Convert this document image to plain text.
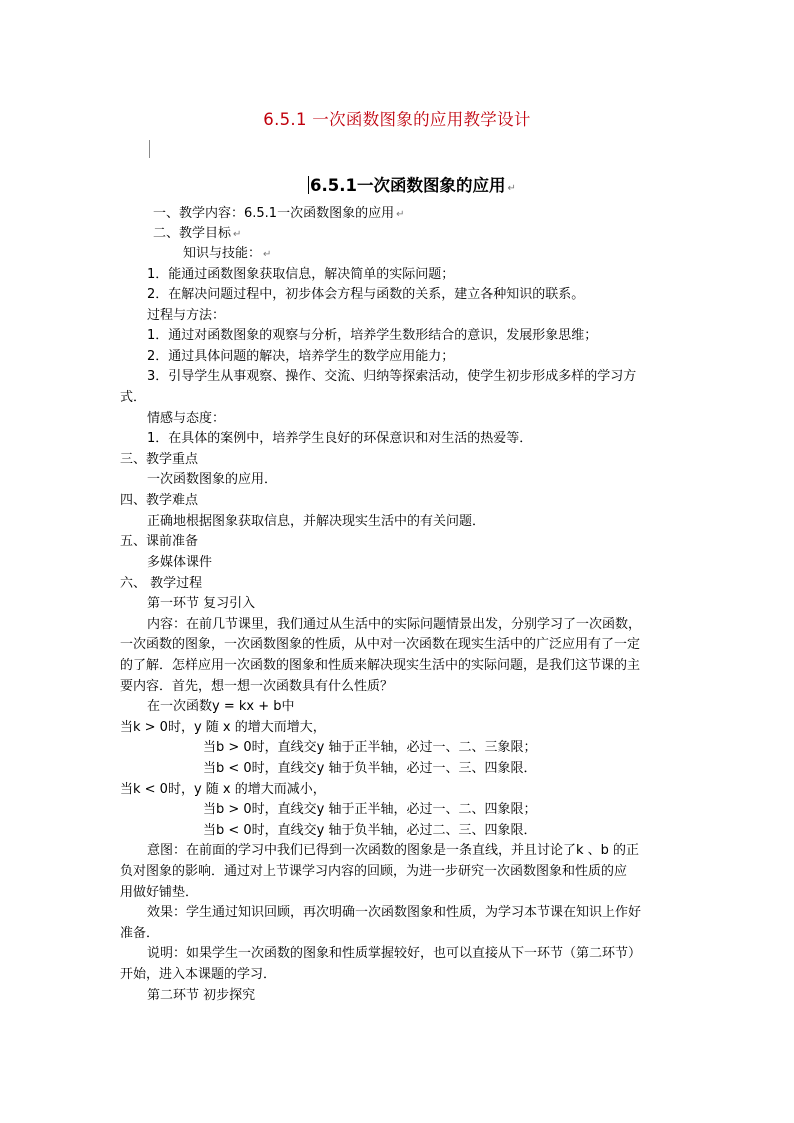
6.5.1 一次函数图象的应用教学设计
6.5.1一次函数图象的应用 ↵
一、教学内容：6.5.1一次函数图象的应用 ↵
二、教学目标 ↵
知识与技能： ↵
1．能通过函数图象获取信息，解决简单的实际问题；
2．在解决问题过程中，初步体会方程与函数的关系，建立各种知识的联系。
过程与方法：
1．通过对函数图象的观察与分析，培养学生数形结合的意识，发展形象思维；
2．通过具体问题的解决，培养学生的数学应用能力；
3．引导学生从事观察、操作、交流、归纳等探索活动，使学生初步形成多样的学习方
式．
情感与态度：
1．在具体的案例中，培养学生良好的环保意识和对生活的热爱等．
三、教学重点
一次函数图象的应用．
四、教学难点
正确地根据图象获取信息，并解决现实生活中的有关问题．
五、课前准备
多媒体课件
六、 教学过程
第一环节 复习引入
内容：在前几节课里，我们通过从生活中的实际问题情景出发，分别学习了一次函数，
一次函数的图象，一次函数图象的性质，从中对一次函数在现实生活中的广泛应用有了一定
的了解．怎样应用一次函数的图象和性质来解决现实生活中的实际问题，是我们这节课的主
要内容．首先，想一想一次函数具有什么性质？
在一次函数y = kx + b中
当k > 0时，y 随 x 的增大而增大，
当b > 0时，直线交y 轴于正半轴，必过一、二、三象限；
当b < 0时，直线交y 轴于负半轴，必过一、三、四象限．
当k < 0时，y 随 x 的增大而减小，
当b > 0时，直线交y 轴于正半轴，必过一、二、四象限；
当b < 0时，直线交y 轴于负半轴，必过二、三、四象限．
意图：在前面的学习中我们已得到一次函数的图象是一条直线，并且讨论了k 、b 的正
负对图象的影响．通过对上节课学习内容的回顾，为进一步研究一次函数图象和性质的应
用做好铺垫．
效果：学生通过知识回顾，再次明确一次函数图象和性质，为学习本节课在知识上作好
准备．
说明：如果学生一次函数的图象和性质掌握较好，也可以直接从下一环节（第二环节）
开始，进入本课题的学习．
第二环节 初步探究
